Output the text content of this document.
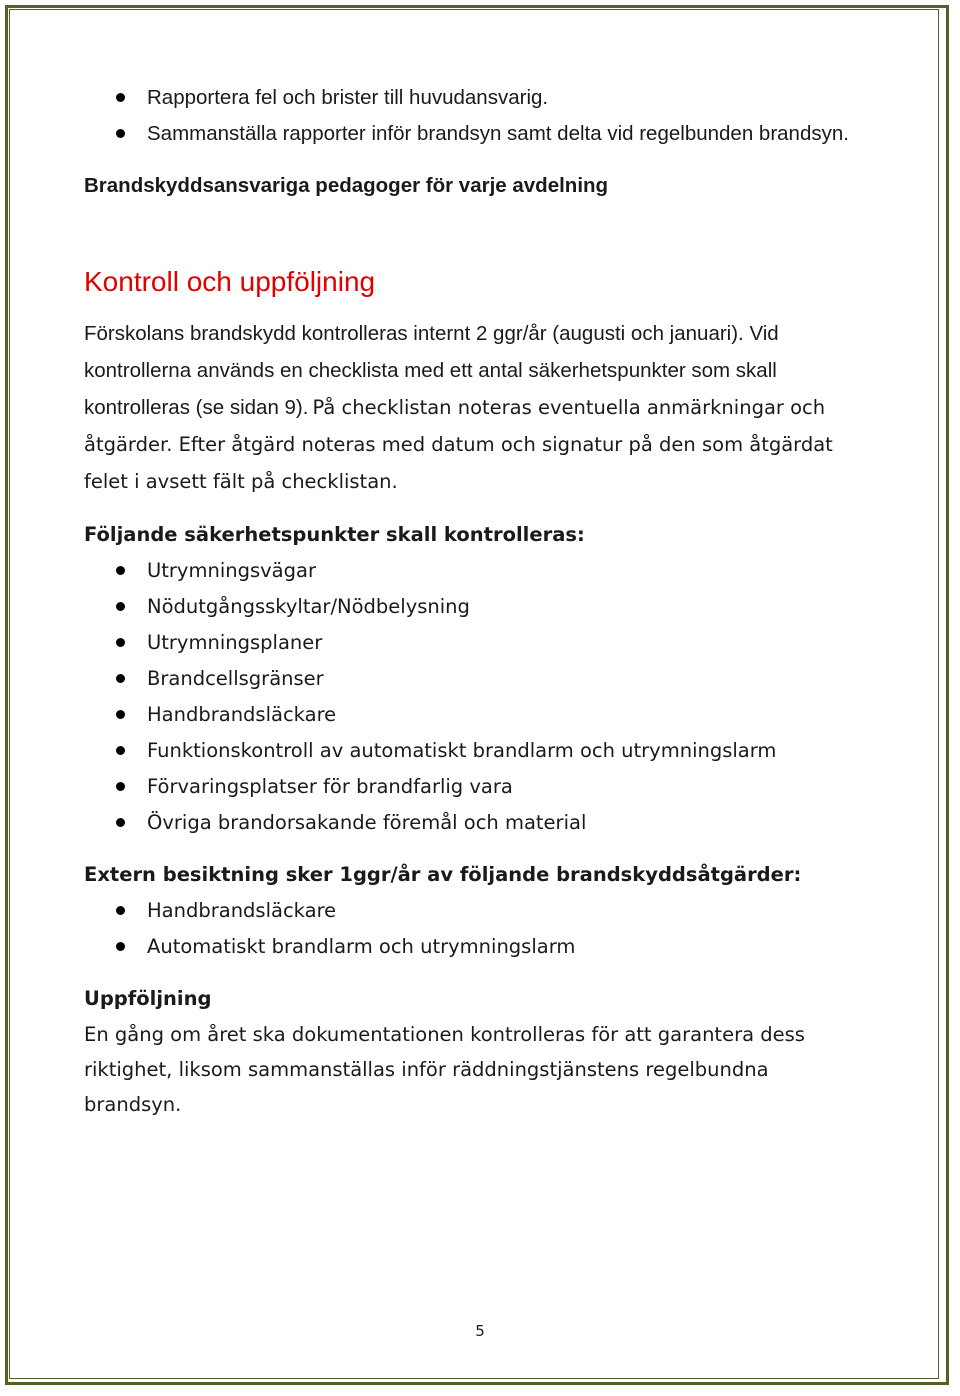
Rapportera fel och brister till huvudansvarig.
Sammanställa rapporter inför brandsyn samt delta vid regelbunden brandsyn.
Brandskyddsansvariga pedagoger för varje avdelning
Kontroll och uppföljning

Förskolans brandskydd kontrolleras internt 2 ggr/år (augusti och januari). Vid kontrollerna används en checklista med ett antal säkerhetspunkter som skall kontrolleras (se sidan 9). På checklistan noteras eventuella anmärkningar och åtgärder. Efter åtgärd noteras med datum och signatur på den som åtgärdat felet i avsett fält på checklistan.

Följande säkerhetspunkter skall kontrolleras:
Utrymningsvägar
Nödutgångsskyltar/Nödbelysning
Utrymningsplaner
Brandcellsgränser
Handbrandsläckare
Funktionskontroll av automatiskt brandlarm och utrymningslarm
Förvaringsplatser för brandfarlig vara
Övriga brandorsakande föremål och material
Extern besiktning sker 1ggr/år av följande brandskyddsåtgärder:
Handbrandsläckare
Automatiskt brandlarm och utrymningslarm
Uppföljning

En gång om året ska dokumentationen kontrolleras för att garantera dess riktighet, liksom sammanställas inför räddningstjänstens regelbundna brandsyn.

5
